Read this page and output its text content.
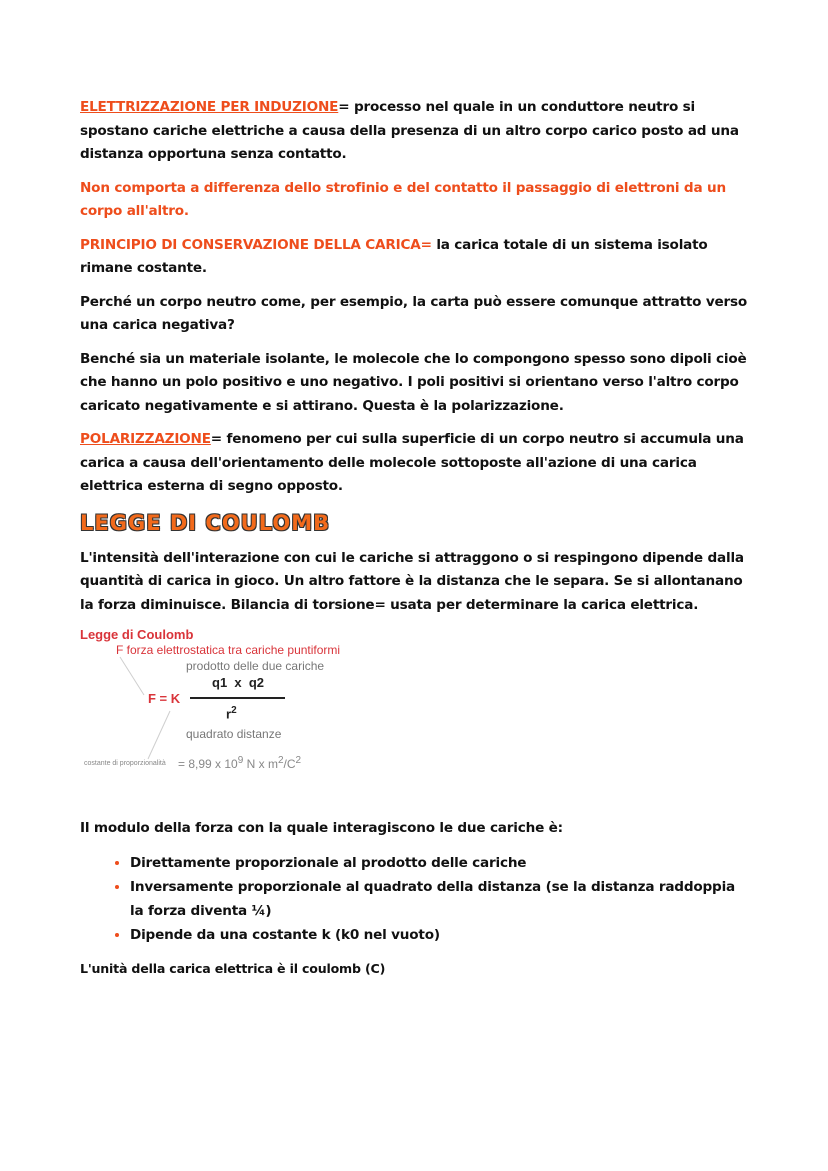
ELETTRIZZAZIONE PER INDUZIONE= processo nel quale in un conduttore neutro si spostano cariche elettriche a causa della presenza di un altro corpo carico posto ad una distanza opportuna senza contatto.

Non comporta a differenza dello strofinio e del contatto il passaggio di elettroni da un corpo all'altro.

PRINCIPIO DI CONSERVAZIONE DELLA CARICA= la carica totale di un sistema isolato rimane costante.

Perché un corpo neutro come, per esempio, la carta può essere comunque attratto verso una carica negativa?

Benché sia un materiale isolante, le molecole che lo compongono spesso sono dipoli cioè che hanno un polo positivo e uno negativo. I poli positivi si orientano verso l'altro corpo caricato negativamente e si attirano. Questa è la polarizzazione.

POLARIZZAZIONE= fenomeno per cui sulla superficie di un corpo neutro si accumula una carica a causa dell'orientamento delle molecole sottoposte all'azione di una carica elettrica esterna di segno opposto.

LEGGE DI COULOMB

L'intensità dell'interazione con cui le cariche si attraggono o si respingono dipende dalla quantità di carica in gioco. Un altro fattore è la distanza che le separa. Se si allontanano la forza diminuisce. Bilancia di torsione= usata per determinare la carica elettrica.

Legge di Coulomb
F forza elettrostatica tra cariche puntiformi
prodotto delle due cariche
q1  x  q2
F = K
$r^2$
quadrato distanze
costante di proporzionalità = 8,99 x $10^9$ N x $m^2/C^2$

Il modulo della forza con la quale interagiscono le due cariche è:

• Direttamente proporzionale al prodotto delle cariche
• Inversamente proporzionale al quadrato della distanza (se la distanza raddoppia la forza diventa ¼)
• Dipende da una costante k (k0 nel vuoto)

L'unità della carica elettrica è il coulomb (C)
